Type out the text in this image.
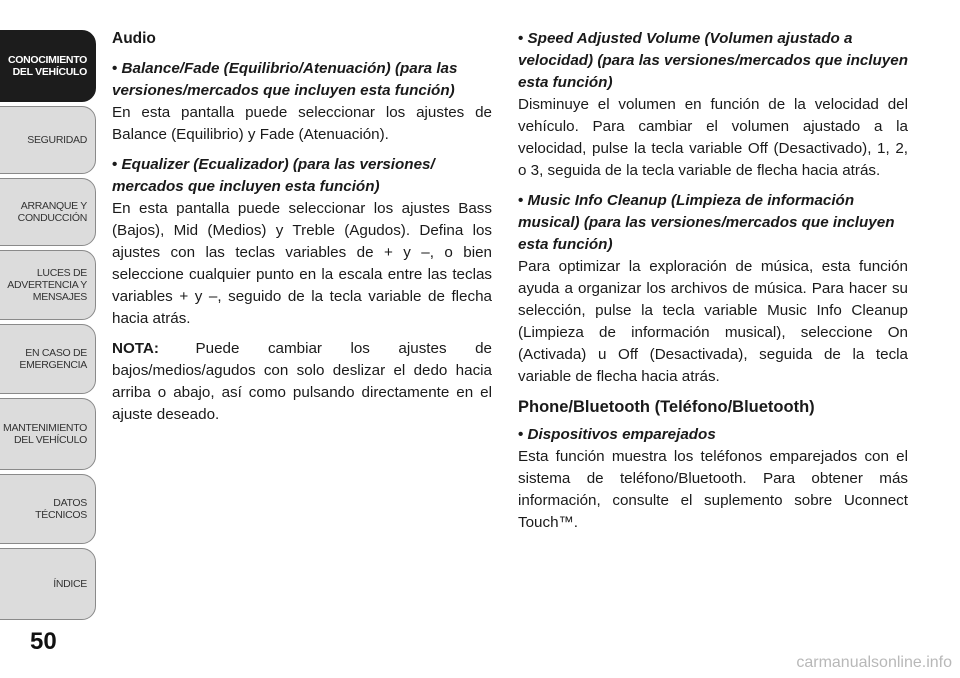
CONOCIMIENTO
DEL VEHÍCULO
SEGURIDAD
ARRANQUE Y
CONDUCCIÓN
LUCES DE
ADVERTENCIA Y
MENSAJES
EN CASO DE
EMERGENCIA
MANTENIMIENTO
DEL VEHÍCULO
DATOS
TÉCNICOS
ÍNDICE
50

Audio

• Balance/Fade (Equilibrio/Atenuación) (para las versiones/mercados que incluyen esta función)

En esta pantalla puede seleccionar los ajustes de Balance (Equilibrio) y Fade (Atenuación).

• Equalizer (Ecualizador) (para las versiones/ mercados que incluyen esta función)

En esta pantalla puede seleccionar los ajustes Bass (Bajos), Mid (Medios) y Treble (Agudos). Defina los ajustes con las teclas variables de + y –, o bien seleccione cualquier punto en la escala entre las teclas variables + y –, seguido de la tecla variable de flecha hacia atrás.

NOTA: Puede cambiar los ajustes de bajos/medios/agudos con solo deslizar el dedo hacia arriba o abajo, así como pulsando directamente en el ajuste deseado.

• Speed Adjusted Volume (Volumen ajustado a velocidad) (para las versiones/mercados que incluyen esta función)

Disminuye el volumen en función de la velocidad del vehículo. Para cambiar el volumen ajustado a la velocidad, pulse la tecla variable Off (Desactivado), 1, 2, o 3, seguida de la tecla variable de flecha hacia atrás.

• Music Info Cleanup (Limpieza de información musical) (para las versiones/mercados que incluyen esta función)

Para optimizar la exploración de música, esta función ayuda a organizar los archivos de música. Para hacer su selección, pulse la tecla variable Music Info Cleanup (Limpieza de información musical), seleccione On (Activada) u Off (Desactivada), seguida de la tecla variable de flecha hacia atrás.

Phone/Bluetooth (Teléfono/Bluetooth)

• Dispositivos emparejados

Esta función muestra los teléfonos emparejados con el sistema de teléfono/Bluetooth. Para obtener más información, consulte el suplemento sobre Uconnect Touch™.

carmanualsonline.info
